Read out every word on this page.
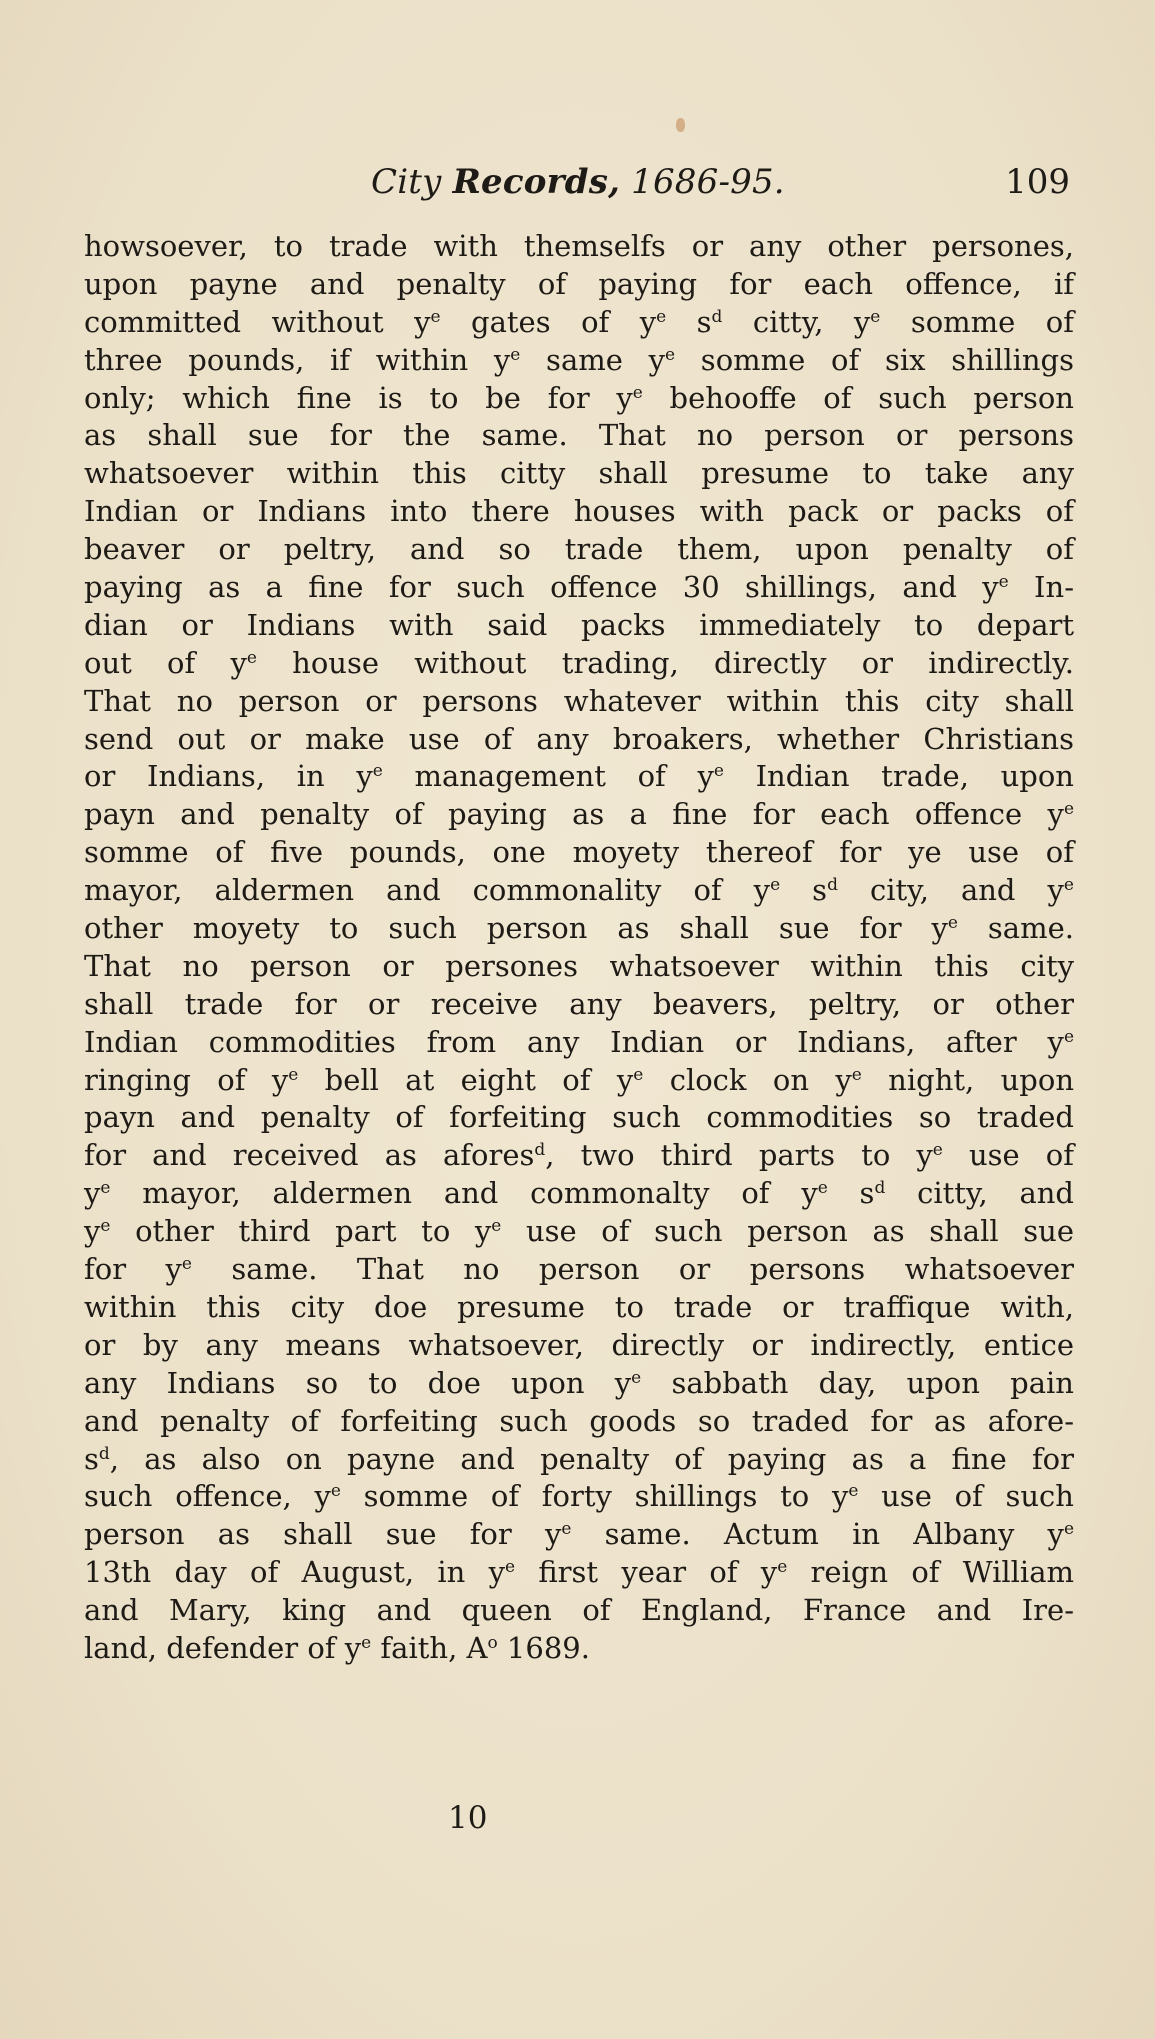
City Records, 1686-95.	109
howsoever, to trade with themselfs or any other persones,
upon payne and penalty of paying for each offence, if
committed without $y^e$ gates of $y^e$ $s^d$ citty, $y^e$ somme of
three pounds, if within $y^e$ same $y^e$ somme of six shillings
only; which fine is to be for $y^e$ behooffe of such person
as shall sue for the same. That no person or persons
whatsoever within this citty shall presume to take any
Indian or Indians into there houses with pack or packs of
beaver or peltry, and so trade them, upon penalty of
paying as a fine for such offence 30 shillings, and $y^e$ In-
dian or Indians with said packs immediately to depart
out of $y^e$ house without trading, directly or indirectly.
That no person or persons whatever within this city shall
send out or make use of any broakers, whether Christians
or Indians, in $y^e$ management of $y^e$ Indian trade, upon
payn and penalty of paying as a fine for each offence $y^e$
somme of five pounds, one moyety thereof for ye use of
mayor, aldermen and commonality of $y^e$ $s^d$ city, and $y^e$
other moyety to such person as shall sue for $y^e$ same.
That no person or persones whatsoever within this city
shall trade for or receive any beavers, peltry, or other
Indian commodities from any Indian or Indians, after $y^e$
ringing of $y^e$ bell at eight of $y^e$ clock on $y^e$ night, upon
payn and penalty of forfeiting such commodities so traded
for and received as afores$^d$, two third parts to $y^e$ use of
$y^e$ mayor, aldermen and commonalty of $y^e$ $s^d$ citty, and
$y^e$ other third part to $y^e$ use of such person as shall sue
for $y^e$ same. That no person or persons whatsoever
within this city doe presume to trade or traffique with,
or by any means whatsoever, directly or indirectly, entice
any Indians so to doe upon $y^e$ sabbath day, upon pain
and penalty of forfeiting such goods so traded for as afore-
$s^d$, as also on payne and penalty of paying as a fine for
such offence, $y^e$ somme of forty shillings to $y^e$ use of such
person as shall sue for $y^e$ same. Actum in Albany $y^e$
13th day of August, in $y^e$ first year of $y^e$ reign of William
and Mary, king and queen of England, France and Ire-
land, defender of $y^e$ faith, $A^o$ 1689.
10
